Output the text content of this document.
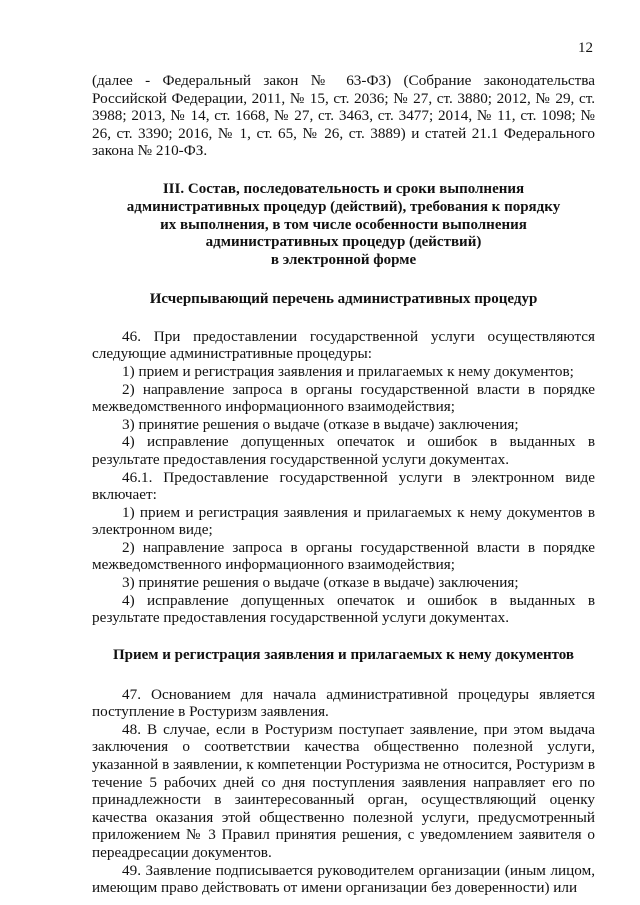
12

(далее - Федеральный закон № 63-ФЗ) (Собрание законодательства Российской Федерации, 2011, № 15, ст. 2036; № 27, ст. 3880; 2012, № 29, ст. 3988; 2013, № 14, ст. 1668, № 27, ст. 3463, ст. 3477; 2014, № 11, ст. 1098; № 26, ст. 3390; 2016, № 1, ст. 65, № 26, ст. 3889) и статей 21.1 Федерального закона № 210-ФЗ.

III. Состав, последовательность и сроки выполнения
административных процедур (действий), требования к порядку
их выполнения, в том числе особенности выполнения
административных процедур (действий)
в электронной форме
Исчерпывающий перечень административных процедур

46. При предоставлении государственной услуги осуществляются следующие административные процедуры:

1) прием и регистрация заявления и прилагаемых к нему документов;

2) направление запроса в органы государственной власти в порядке межведомственного информационного взаимодействия;

3) принятие решения о выдаче (отказе в выдаче) заключения;

4) исправление допущенных опечаток и ошибок в выданных в результате предоставления государственной услуги документах.

46.1. Предоставление государственной услуги в электронном виде включает:

1) прием и регистрация заявления и прилагаемых к нему документов в электронном виде;

2) направление запроса в органы государственной власти в порядке межведомственного информационного взаимодействия;

3) принятие решения о выдаче (отказе в выдаче) заключения;

4) исправление допущенных опечаток и ошибок в выданных в результате предоставления государственной услуги документах.

Прием и регистрация заявления и прилагаемых к нему документов

47. Основанием для начала административной процедуры является поступление в Ростуризм заявления.

48. В случае, если в Ростуризм поступает заявление, при этом выдача заключения о соответствии качества общественно полезной услуги, указанной в заявлении, к компетенции Ростуризма не относится, Ростуризм в течение 5 рабочих дней со дня поступления заявления направляет его по принадлежности в заинтересованный орган, осуществляющий оценку качества оказания этой общественно полезной услуги, предусмотренный приложением № 3 Правил принятия решения, с уведомлением заявителя о переадресации документов.

49. Заявление подписывается руководителем организации (иным лицом, имеющим право действовать от имени организации без доверенности) или
